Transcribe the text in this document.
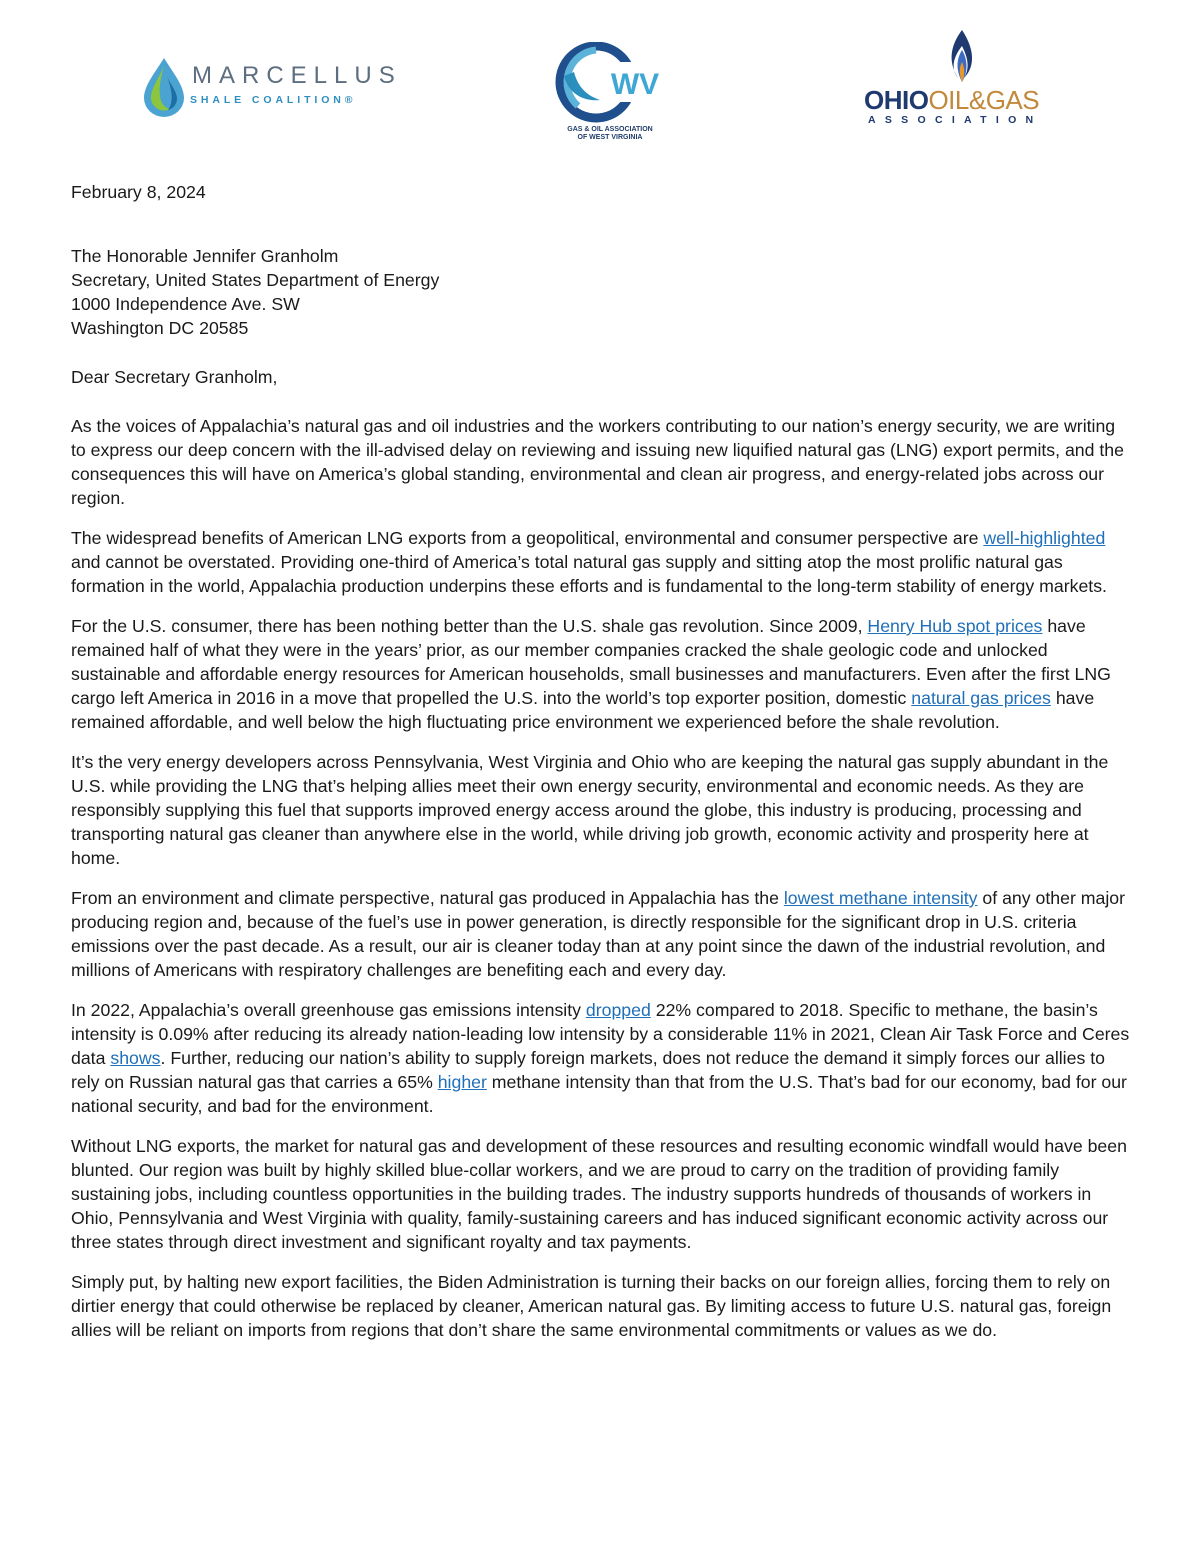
MARCELLUS
SHALE COALITION®	WV
GAS & OIL ASSOCIATION
OF WEST VIRGINIA
OHIOOIL&GAS
ASSOCIATION

February 8, 2024

The Honorable Jennifer Granholm
Secretary, United States Department of Energy
1000 Independence Ave. SW
Washington DC 20585

Dear Secretary Granholm,

As the voices of Appalachia’s natural gas and oil industries and the workers contributing to our nation’s energy security, we are writing to express our deep concern with the ill-advised delay on reviewing and issuing new liquified natural gas (LNG) export permits, and the consequences this will have on America’s global standing, environmental and clean air progress, and energy-related jobs across our region.

The widespread benefits of American LNG exports from a geopolitical, environmental and consumer perspective are well-highlighted and cannot be overstated. Providing one-third of America’s total natural gas supply and sitting atop the most prolific natural gas formation in the world, Appalachia production underpins these efforts and is fundamental to the long-term stability of energy markets.

For the U.S. consumer, there has been nothing better than the U.S. shale gas revolution. Since 2009, Henry Hub spot prices have remained half of what they were in the years’ prior, as our member companies cracked the shale geologic code and unlocked sustainable and affordable energy resources for American households, small businesses and manufacturers. Even after the first LNG cargo left America in 2016 in a move that propelled the U.S. into the world’s top exporter position, domestic natural gas prices have remained affordable, and well below the high fluctuating price environment we experienced before the shale revolution.

It’s the very energy developers across Pennsylvania, West Virginia and Ohio who are keeping the natural gas supply abundant in the U.S. while providing the LNG that’s helping allies meet their own energy security, environmental and economic needs. As they are responsibly supplying this fuel that supports improved energy access around the globe, this industry is producing, processing and transporting natural gas cleaner than anywhere else in the world, while driving job growth, economic activity and prosperity here at home.

From an environment and climate perspective, natural gas produced in Appalachia has the lowest methane intensity of any other major producing region and, because of the fuel’s use in power generation, is directly responsible for the significant drop in U.S. criteria emissions over the past decade. As a result, our air is cleaner today than at any point since the dawn of the industrial revolution, and millions of Americans with respiratory challenges are benefiting each and every day.

In 2022, Appalachia’s overall greenhouse gas emissions intensity dropped 22% compared to 2018. Specific to methane, the basin’s intensity is 0.09% after reducing its already nation-leading low intensity by a considerable 11% in 2021, Clean Air Task Force and Ceres data shows. Further, reducing our nation’s ability to supply foreign markets, does not reduce the demand it simply forces our allies to rely on Russian natural gas that carries a 65% higher methane intensity than that from the U.S. That’s bad for our economy, bad for our national security, and bad for the environment.

Without LNG exports, the market for natural gas and development of these resources and resulting economic windfall would have been blunted. Our region was built by highly skilled blue-collar workers, and we are proud to carry on the tradition of providing family sustaining jobs, including countless opportunities in the building trades. The industry supports hundreds of thousands of workers in Ohio, Pennsylvania and West Virginia with quality, family-sustaining careers and has induced significant economic activity across our three states through direct investment and significant royalty and tax payments.

Simply put, by halting new export facilities, the Biden Administration is turning their backs on our foreign allies, forcing them to rely on dirtier energy that could otherwise be replaced by cleaner, American natural gas. By limiting access to future U.S. natural gas, foreign allies will be reliant on imports from regions that don’t share the same environmental commitments or values as we do.
